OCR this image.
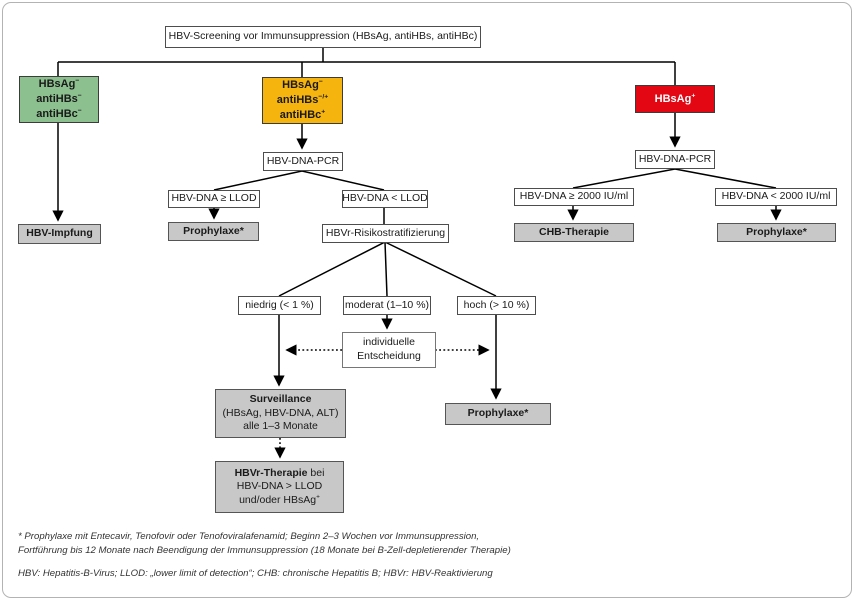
HBV-Screening vor Immunsuppression (HBsAg, antiHBs, antiHBc)
HBsAg−
antiHBs−
antiHBc−
HBsAg−
antiHBs−/+
antiHBc+
HBsAg+
HBV-Impfung
HBV-DNA-PCR
HBV-DNA ≥ LLOD	HBV-DNA < LLOD
Prophylaxe*	HBVr-Risikostratifizierung
HBV-DNA-PCR
HBV-DNA ≥ 2000 IU/ml	HBV-DNA < 2000 IU/ml
CHB-Therapie	Prophylaxe*
niedrig (< 1 %)	moderat (1–10 %)	hoch (> 10 %)
individuelle
Entscheidung
Surveillance
(HBsAg, HBV-DNA, ALT)
alle 1–3 Monate
HBVr-Therapie bei
HBV-DNA > LLOD
und/oder HBsAg+
Prophylaxe*
* Prophylaxe mit Entecavir, Tenofovir oder Tenofoviralafenamid; Beginn 2–3 Wochen vor Immunsuppression,
Fortführung bis 12 Monate nach Beendigung der Immunsuppression (18 Monate bei B-Zell-depletierender Therapie)
HBV: Hepatitis-B-Virus; LLOD: „lower limit of detection“; CHB: chronische Hepatitis B; HBVr: HBV-Reaktivierung
